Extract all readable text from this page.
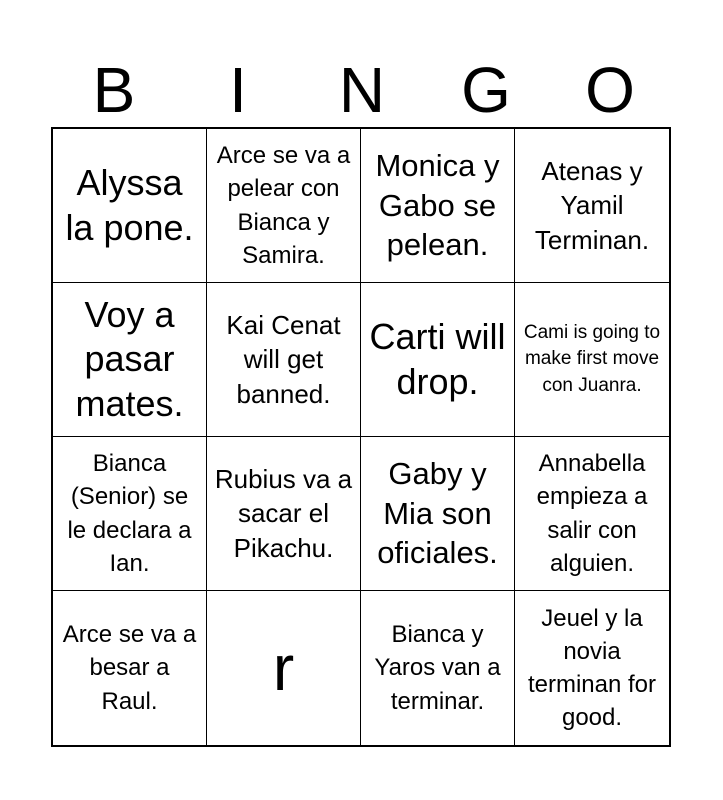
B	I	N	G	O
Alyssa la pone.
Arce se va a pelear con Bianca y Samira.
Monica y Gabo se pelean.
Atenas y Yamil Terminan.
Voy a pasar mates.
Kai Cenat will get banned.
Carti will drop.
Cami is going to make first move con Juanra.
Bianca (Senior) se le declara a Ian.
Rubius va a sacar el Pikachu.
Gaby y Mia son oficiales.
Annabella empieza a salir con alguien.
Arce se va a besar a Raul.	r	Bianca y Yaros van a terminar.
Jeuel y la novia terminan for good.
